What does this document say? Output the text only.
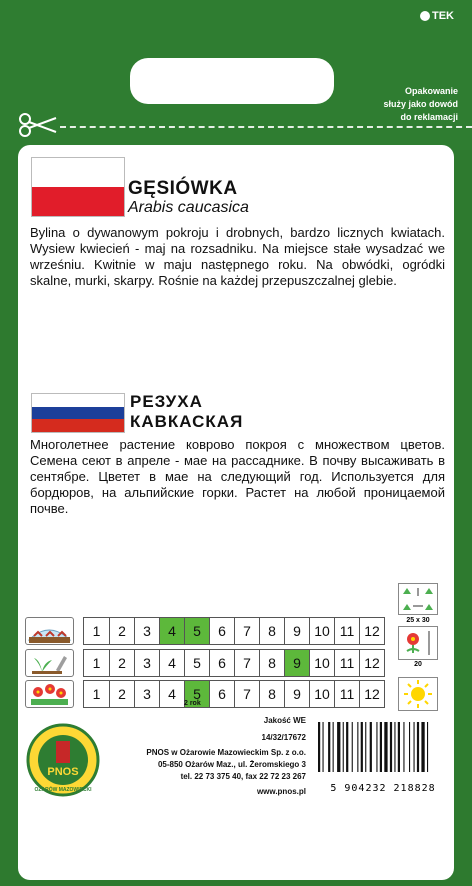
TEK
Opakowanie
służy jako dowód
do reklamacji
GĘSIÓWKA
Arabis caucasica
Bylina o dywanowym pokroju i drobnych, bardzo licznych kwiatach. Wysiew kwiecień - maj na rozsadniku. Na miejsce stałe wysadzać we wrześniu. Kwitnie w maju następnego roku. Na obwódki, ogródki skalne, murki, skarpy. Rośnie na każdej przepuszczalnej glebie.
РЕЗУХА
КАВКАСКАЯ
Многолетнее растение коврово покроя с множеством цветов. Семена сеют в апреле - мае на рассаднике. В почву высаживать в сентябре. Цветет в мае на следующий год. Используется для бордюров, на альпийские горки. Растет на любой проницаемой почве.
1	2	3	4	5	6	7	8	9 10 11 12
1	2	3	4	5	6	7	8	9 10 11 12
1	2	3	4	5	6	7	8	9 10 11 12
2 rok
25 x 30
20
PNOS
OŻARÓW MAZOWIECKI
Jakość WE
14/32/17672
PNOS w Ożarowie Mazowieckim Sp. z o.o.
05-850 Ożarów Maz., ul. Żeromskiego 3
tel. 22 73 375 40, fax 22 72 23 267
www.pnos.pl	5 904232 218828
